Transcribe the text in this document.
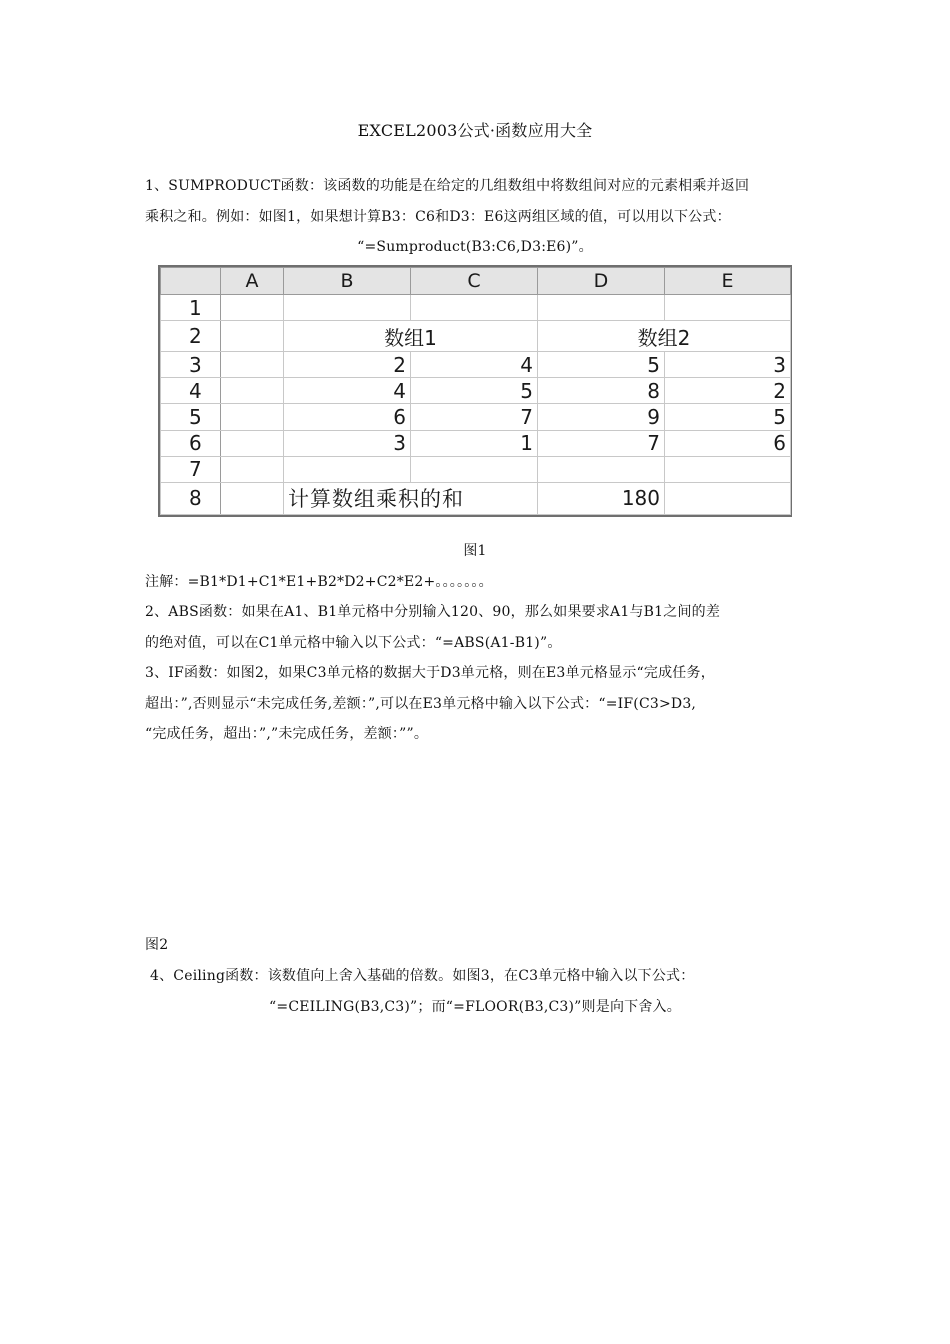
EXCEL2003公式·函数应用大全
1、SUMPRODUCT函数：该函数的功能是在给定的几组数组中将数组间对应的元素相乘并返回
乘积之和。例如：如图1，如果想计算B3：C6和D3：E6这两组区域的值，可以用以下公式：
“=Sumproduct(B3:C6,D3:E6)”。
	A	B	C	D	E
1					
2		数组1		数组2	
3		2	4	5	3
4		4	5	8	2
5		6	7	9	5
6		3	1	7	6
7					
8		计算数组乘积的和		180	
图1
注解：=B1*D1+C1*E1+B2*D2+C2*E2+。。。。。。。
2、ABS函数：如果在A1、B1单元格中分别输入120、90，那么如果要求A1与B1之间的差
的绝对值，可以在C1单元格中输入以下公式：“=ABS(A1-B1)”。
3、IF函数：如图2，如果C3单元格的数据大于D3单元格，则在E3单元格显示“完成任务，
超出：”,否则显示“未完成任务,差额：”,可以在E3单元格中输入以下公式：“=IF(C3>D3,
“完成任务，超出：”,”未完成任务，差额：””。
图2
4、Ceiling函数：该数值向上舍入基础的倍数。如图3，在C3单元格中输入以下公式：
“=CEILING(B3,C3)”；而“=FLOOR(B3,C3)”则是向下舍入。
